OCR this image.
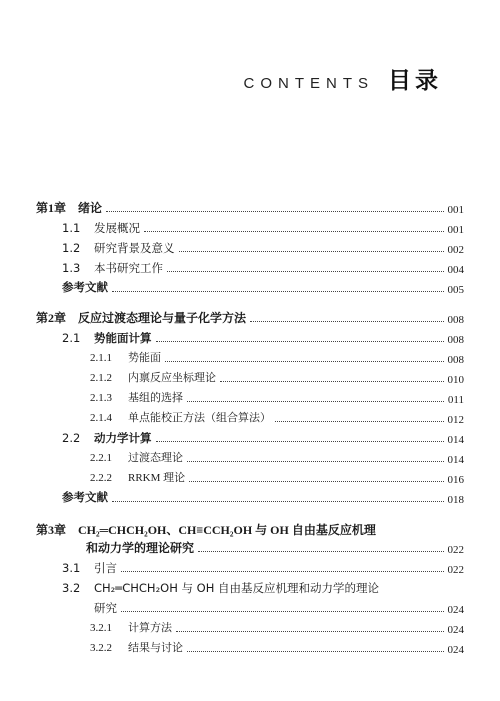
CONTENTS 目录
第1章 绪论	001
1.1	发展概况	001
1.2	研究背景及意义	002
1.3	本书研究工作	004
参考文献	005
第2章 反应过渡态理论与量子化学方法	008
2.1	势能面计算	008
2.1.1	势能面	008
2.1.2	内禀反应坐标理论	010
2.1.3	基组的选择	011
2.1.4	单点能校正方法（组合算法）	012
2.2	动力学计算	014
2.2.1	过渡态理论	014
2.2.2	RRKM 理论	016
参考文献	018
第3章 CH₂═CHCH₂OH、CH≡CCH₂OH 与 OH 自由基反应机理
和动力学的理论研究	022
3.1	引言	022
3.2	CH₂═CHCH₂OH 与 OH 自由基反应机理和动力学的理论
研究	024
3.2.1	计算方法	024
3.2.2	结果与讨论	024
